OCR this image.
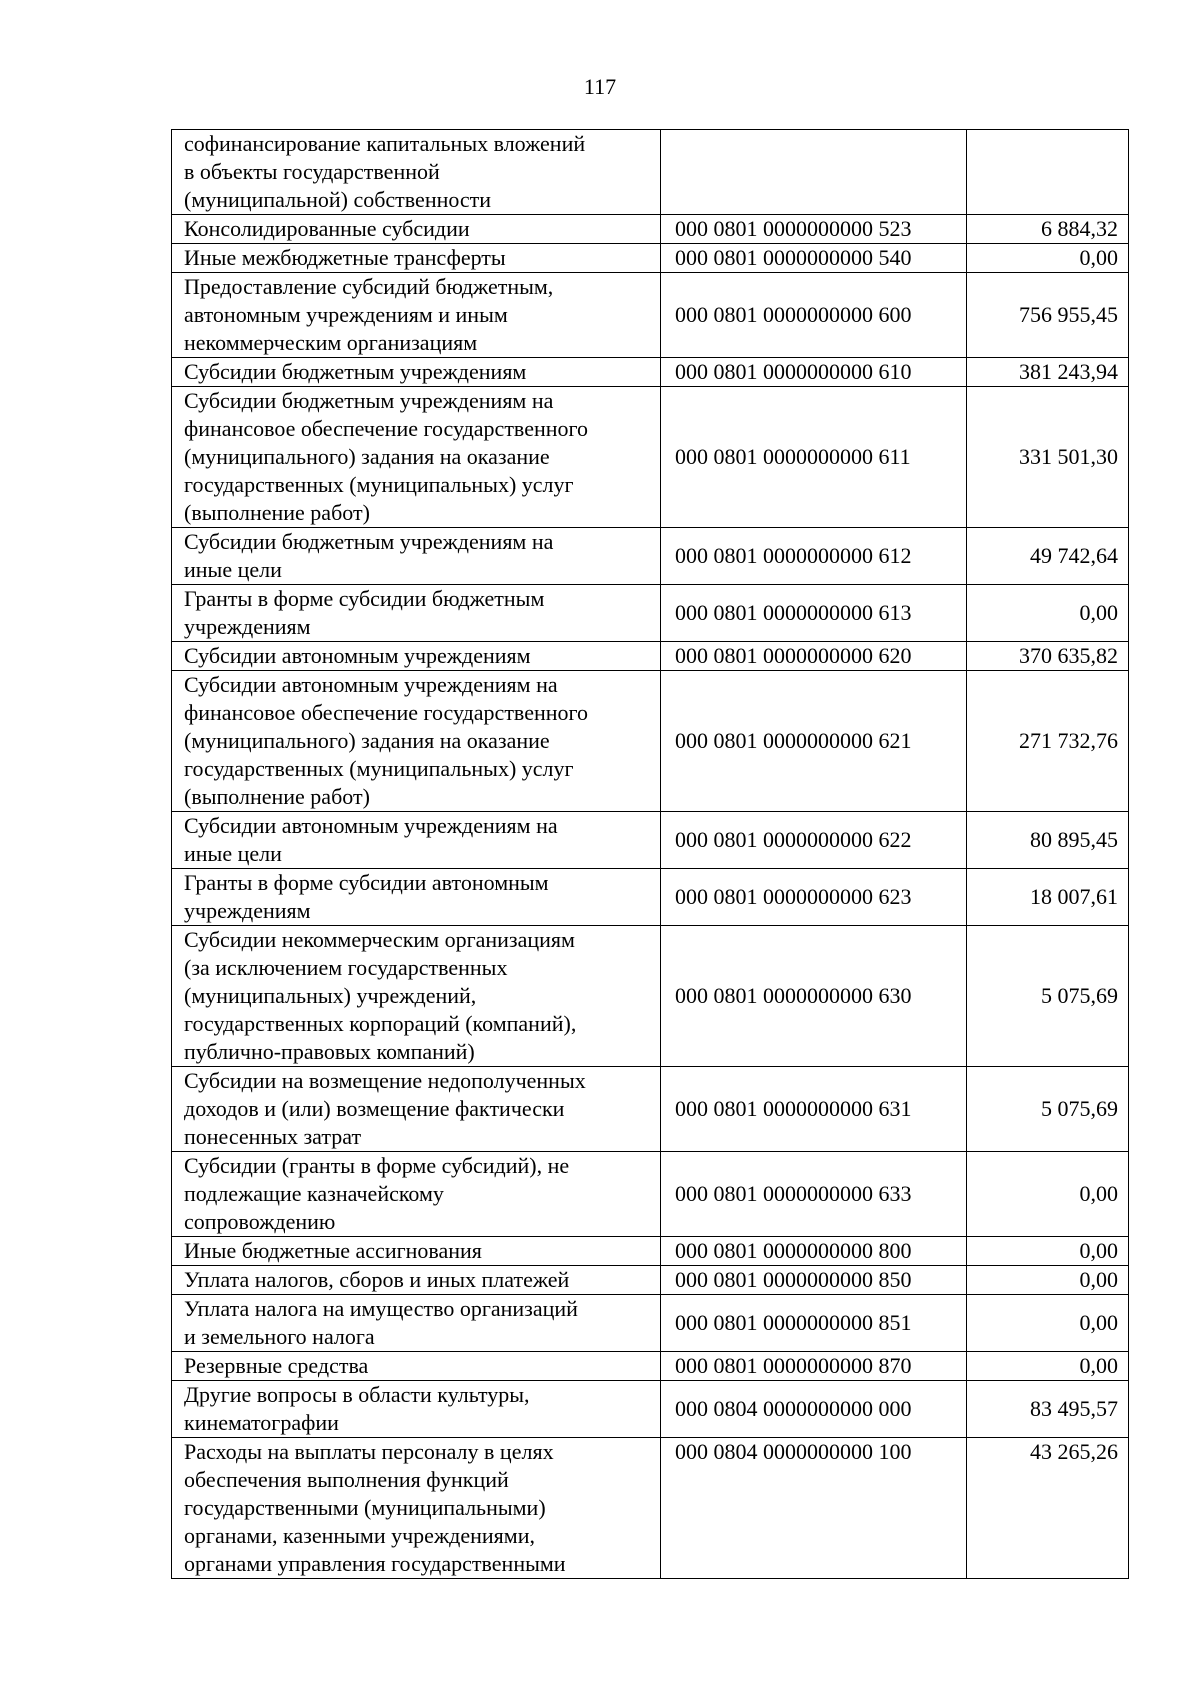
117
софинансирование капитальных вложений
в объекты государственной
(муниципальной) собственности		
Консолидированные субсидии	000 0801 0000000000 523	6 884,32
Иные межбюджетные трансферты	000 0801 0000000000 540	0,00
Предоставление субсидий бюджетным,
автономным учреждениям и иным
некоммерческим организациям	000 0801 0000000000 600	756 955,45
Субсидии бюджетным учреждениям	000 0801 0000000000 610	381 243,94
Субсидии бюджетным учреждениям на
финансовое обеспечение государственного
(муниципального) задания на оказание
государственных (муниципальных) услуг
(выполнение работ)	000 0801 0000000000 611	331 501,30
Субсидии бюджетным учреждениям на
иные цели	000 0801 0000000000 612	49 742,64
Гранты в форме субсидии бюджетным
учреждениям	000 0801 0000000000 613	0,00
Субсидии автономным учреждениям	000 0801 0000000000 620	370 635,82
Субсидии автономным учреждениям на
финансовое обеспечение государственного
(муниципального) задания на оказание
государственных (муниципальных) услуг
(выполнение работ)	000 0801 0000000000 621	271 732,76
Субсидии автономным учреждениям на
иные цели	000 0801 0000000000 622	80 895,45
Гранты в форме субсидии автономным
учреждениям	000 0801 0000000000 623	18 007,61
Субсидии некоммерческим организациям
(за исключением государственных
(муниципальных) учреждений,
государственных корпораций (компаний),
публично-правовых компаний)	000 0801 0000000000 630	5 075,69
Субсидии на возмещение недополученных
доходов и (или) возмещение фактически
понесенных затрат	000 0801 0000000000 631	5 075,69
Субсидии (гранты в форме субсидий), не
подлежащие казначейскому
сопровождению	000 0801 0000000000 633	0,00
Иные бюджетные ассигнования	000 0801 0000000000 800	0,00
Уплата налогов, сборов и иных платежей	000 0801 0000000000 850	0,00
Уплата налога на имущество организаций
и земельного налога	000 0801 0000000000 851	0,00
Резервные средства	000 0801 0000000000 870	0,00
Другие вопросы в области культуры,
кинематографии	000 0804 0000000000 000	83 495,57
Расходы на выплаты персоналу в целях
обеспечения выполнения функций
государственными (муниципальными)
органами, казенными учреждениями,
органами управления государственными	000 0804 0000000000 100	43 265,26
